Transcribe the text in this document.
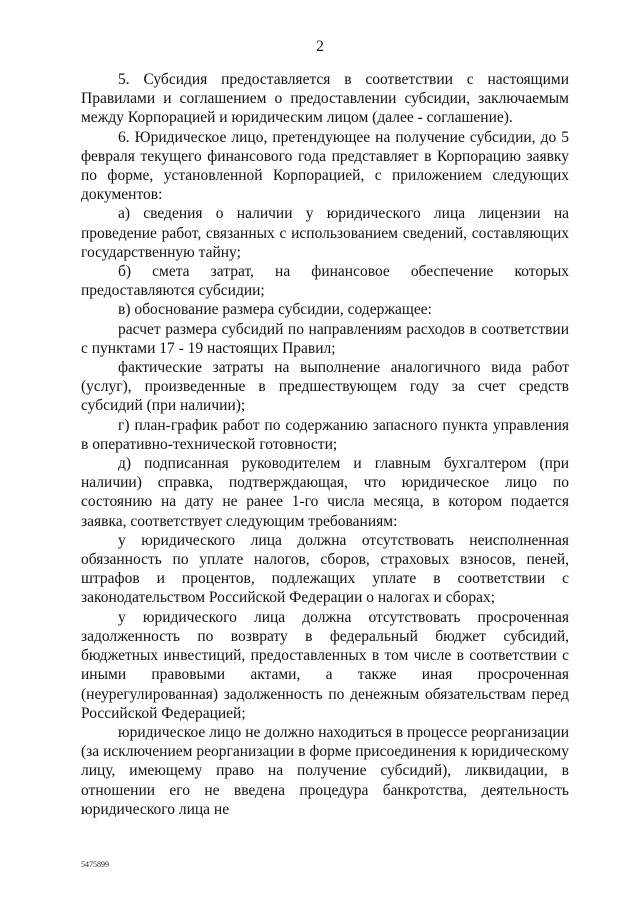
2

5. Субсидия предоставляется в соответствии с настоящими Правилами и соглашением о предоставлении субсидии, заключаемым между Корпорацией и юридическим лицом (далее - соглашение).

6. Юридическое лицо, претендующее на получение субсидии, до 5 февраля текущего финансового года представляет в Корпорацию заявку по форме, установленной Корпорацией, с приложением следующих документов:

а) сведения о наличии у юридического лица лицензии на проведение работ, связанных с использованием сведений, составляющих государственную тайну;

б) смета затрат, на финансовое обеспечение которых предоставляются субсидии;

в) обоснование размера субсидии, содержащее:

расчет размера субсидий по направлениям расходов в соответствии с пунктами 17 - 19 настоящих Правил;

фактические затраты на выполнение аналогичного вида работ (услуг), произведенные в предшествующем году за счет средств субсидий (при наличии);

г) план-график работ по содержанию запасного пункта управления в оперативно-технической готовности;

д) подписанная руководителем и главным бухгалтером (при наличии) справка, подтверждающая, что юридическое лицо по состоянию на дату не ранее 1-го числа месяца, в котором подается заявка, соответствует следующим требованиям:

у юридического лица должна отсутствовать неисполненная обязанность по уплате налогов, сборов, страховых взносов, пеней, штрафов и процентов, подлежащих уплате в соответствии с законодательством Российской Федерации о налогах и сборах;

у юридического лица должна отсутствовать просроченная задолженность по возврату в федеральный бюджет субсидий, бюджетных инвестиций, предоставленных в том числе в соответствии с иными правовыми актами, а также иная просроченная (неурегулированная) задолженность по денежным обязательствам перед Российской Федерацией;

юридическое лицо не должно находиться в процессе реорганизации (за исключением реорганизации в форме присоединения к юридическому лицу, имеющему право на получение субсидий), ликвидации, в отношении его не введена процедура банкротства, деятельность юридического лица не

5475899
